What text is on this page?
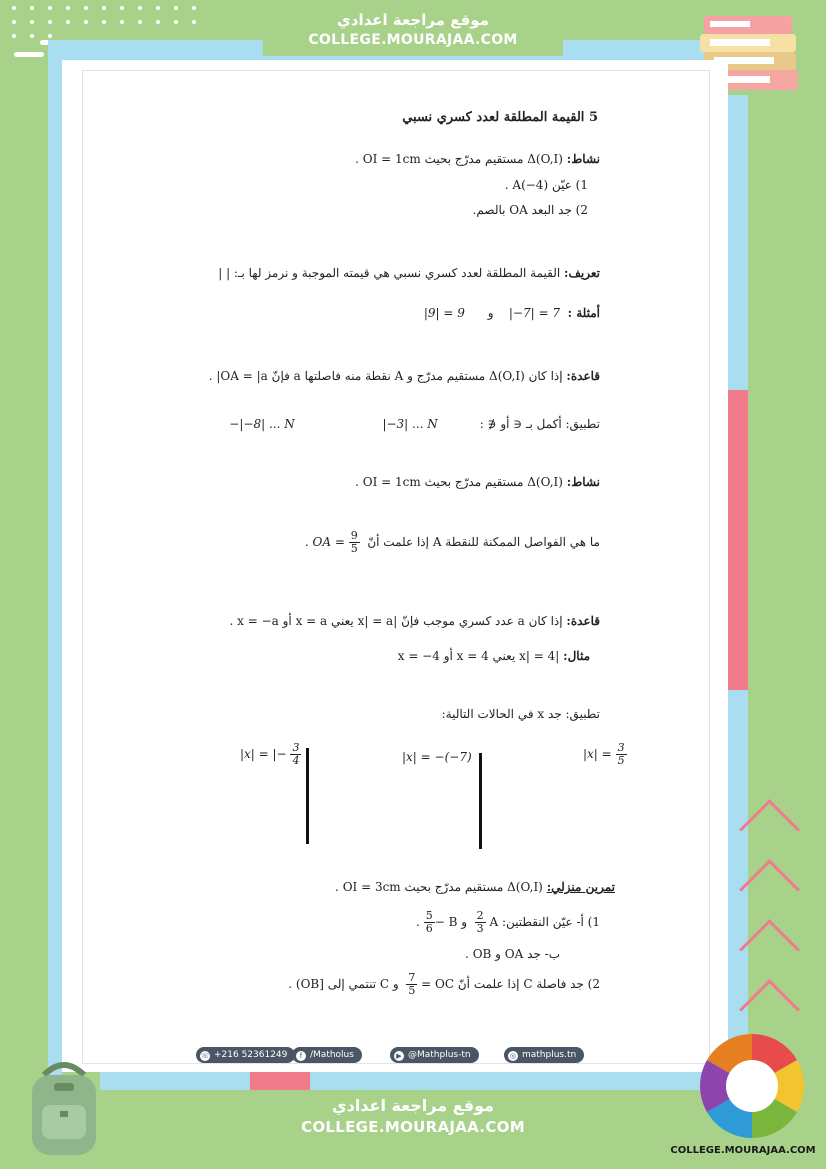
موقع مراجعة اعدادي
COLLEGE.MOURAJAA.COM
5 القيمة المطلقة لعدد كسري نسبي
نشاط: Δ(O,I) مستقيم مدرّج بحيث OI = 1cm .
1) عيّن A(−4) .
2) جد البعد OA بالصم.
تعريف: القيمة المطلقة لعدد كسري نسبي هي قيمته الموجبة و نرمز لها بـ: | |
أمثلة :  |−7| = 7    و      |9| = 9
قاعدة: إذا كان Δ(O,I) مستقيم مدرّج و A نقطة منه فاصلتها a فإنّ OA = |a| .
تطبيق: أكمل بـ ∈ أو ∉ :           |−3| ... N                       −|−8| ... N
نشاط: Δ(O,I) مستقيم مدرّج بحيث OI = 1cm .
ما هي الفواصل الممكنة للنقطة A إذا علمت أنّ  OA = $\frac{9}{5}$
.
قاعدة: إذا كان a عدد كسري موجب فإنّ |x| = a يعني x = a أو x = −a .
مثال: |x| = 4 يعني x = 4 أو x = −4
تطبيق: جد x في الحالات التالية:
$|x| = \frac{3}{5}$
|x| = −(−7)
|x| = |− $\frac{3}{4}$
تمرين منزلي: Δ(O,I) مستقيم مدرّج بحيث OI = 3cm .
1) أ- عيّن النقطتين: A
$\frac{2}{3}$
و B −
$\frac{5}{6}$
.
ب- جد OA و OB .
2) جد فاصلة C إذا علمت أنّ OC =
$\frac{7}{5}$
و C تنتمي إلى [OB) .
☏ +216 52361249	f /Matholus	▶ @Mathplus-tn	◎ mathplus.tn
موقع مراجعة اعدادي
COLLEGE.MOURAJAA.COM
COLLEGE.MOURAJAA.COM
